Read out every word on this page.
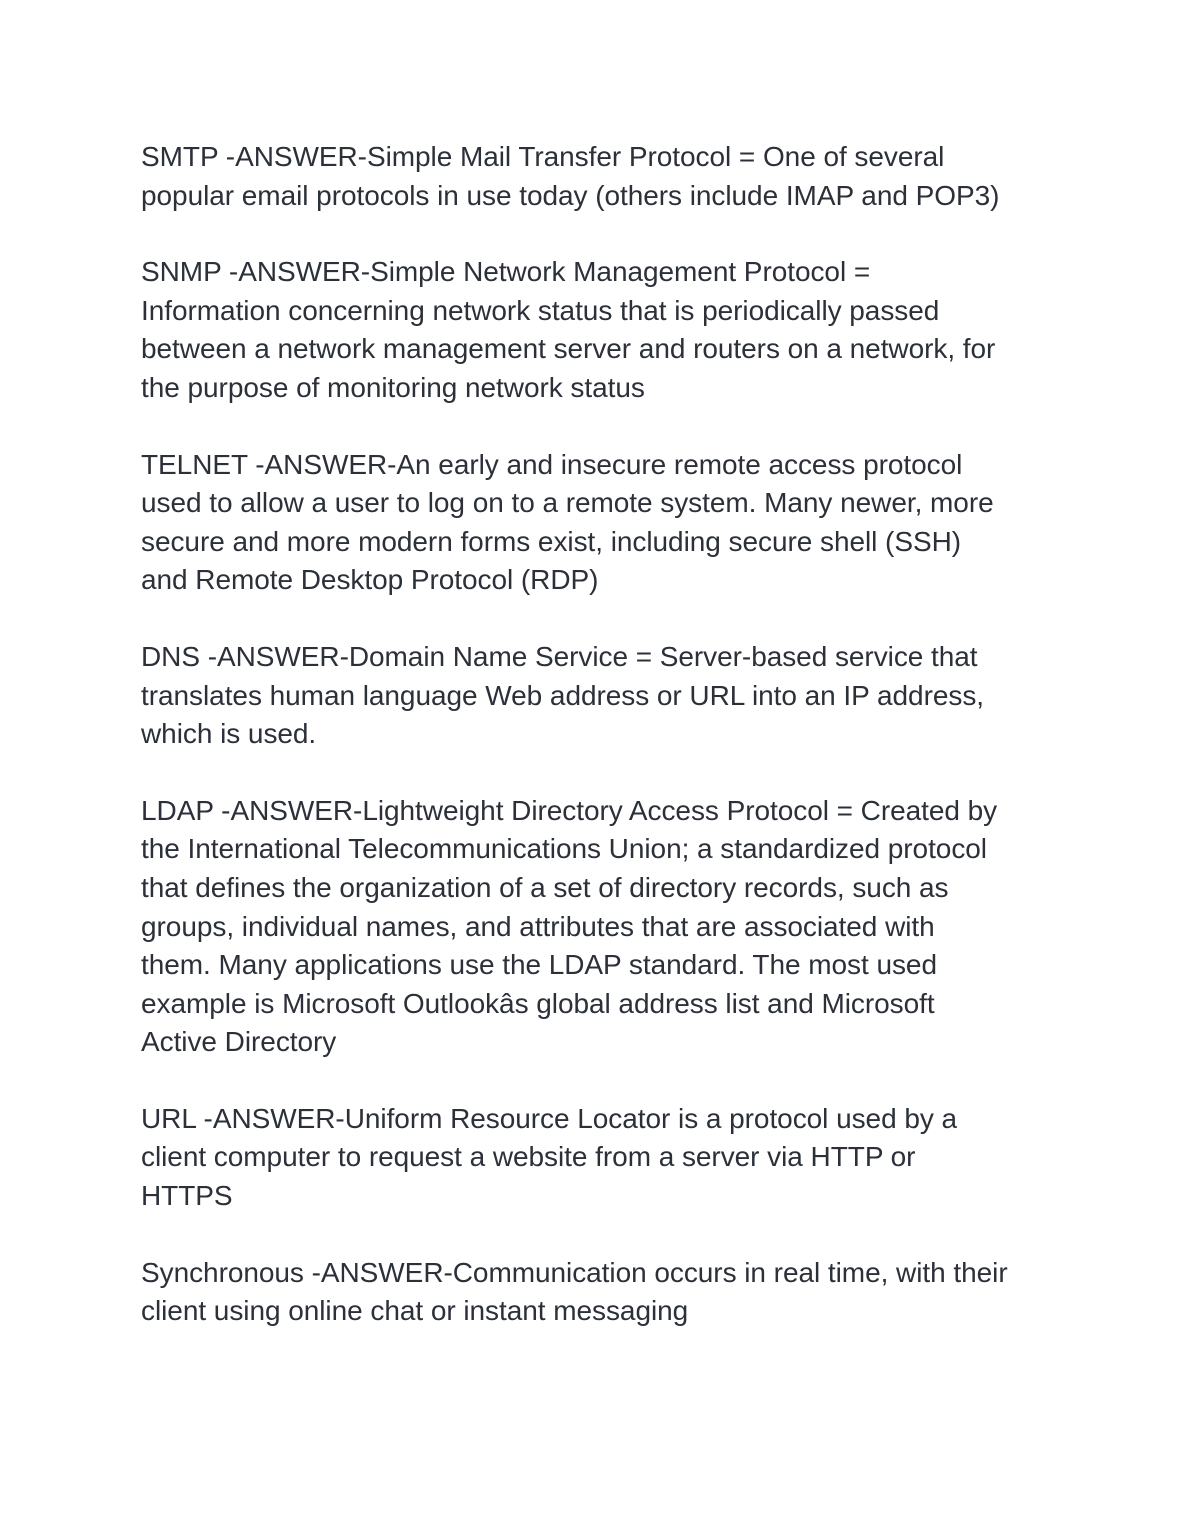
SMTP -ANSWER-Simple Mail Transfer Protocol = One of several
popular email protocols in use today (others include IMAP and POP3)

SNMP -ANSWER-Simple Network Management Protocol =
Information concerning network status that is periodically passed
between a network management server and routers on a network, for
the purpose of monitoring network status

TELNET -ANSWER-An early and insecure remote access protocol
used to allow a user to log on to a remote system. Many newer, more
secure and more modern forms exist, including secure shell (SSH)
and Remote Desktop Protocol (RDP)

DNS -ANSWER-Domain Name Service = Server-based service that
translates human language Web address or URL into an IP address,
which is used.

LDAP -ANSWER-Lightweight Directory Access Protocol = Created by
the International Telecommunications Union; a standardized protocol
that defines the organization of a set of directory records, such as
groups, individual names, and attributes that are associated with
them. Many applications use the LDAP standard. The most used
example is Microsoft Outlookâs global address list and Microsoft
Active Directory

URL -ANSWER-Uniform Resource Locator is a protocol used by a
client computer to request a website from a server via HTTP or
HTTPS

Synchronous -ANSWER-Communication occurs in real time, with their
client using online chat or instant messaging
